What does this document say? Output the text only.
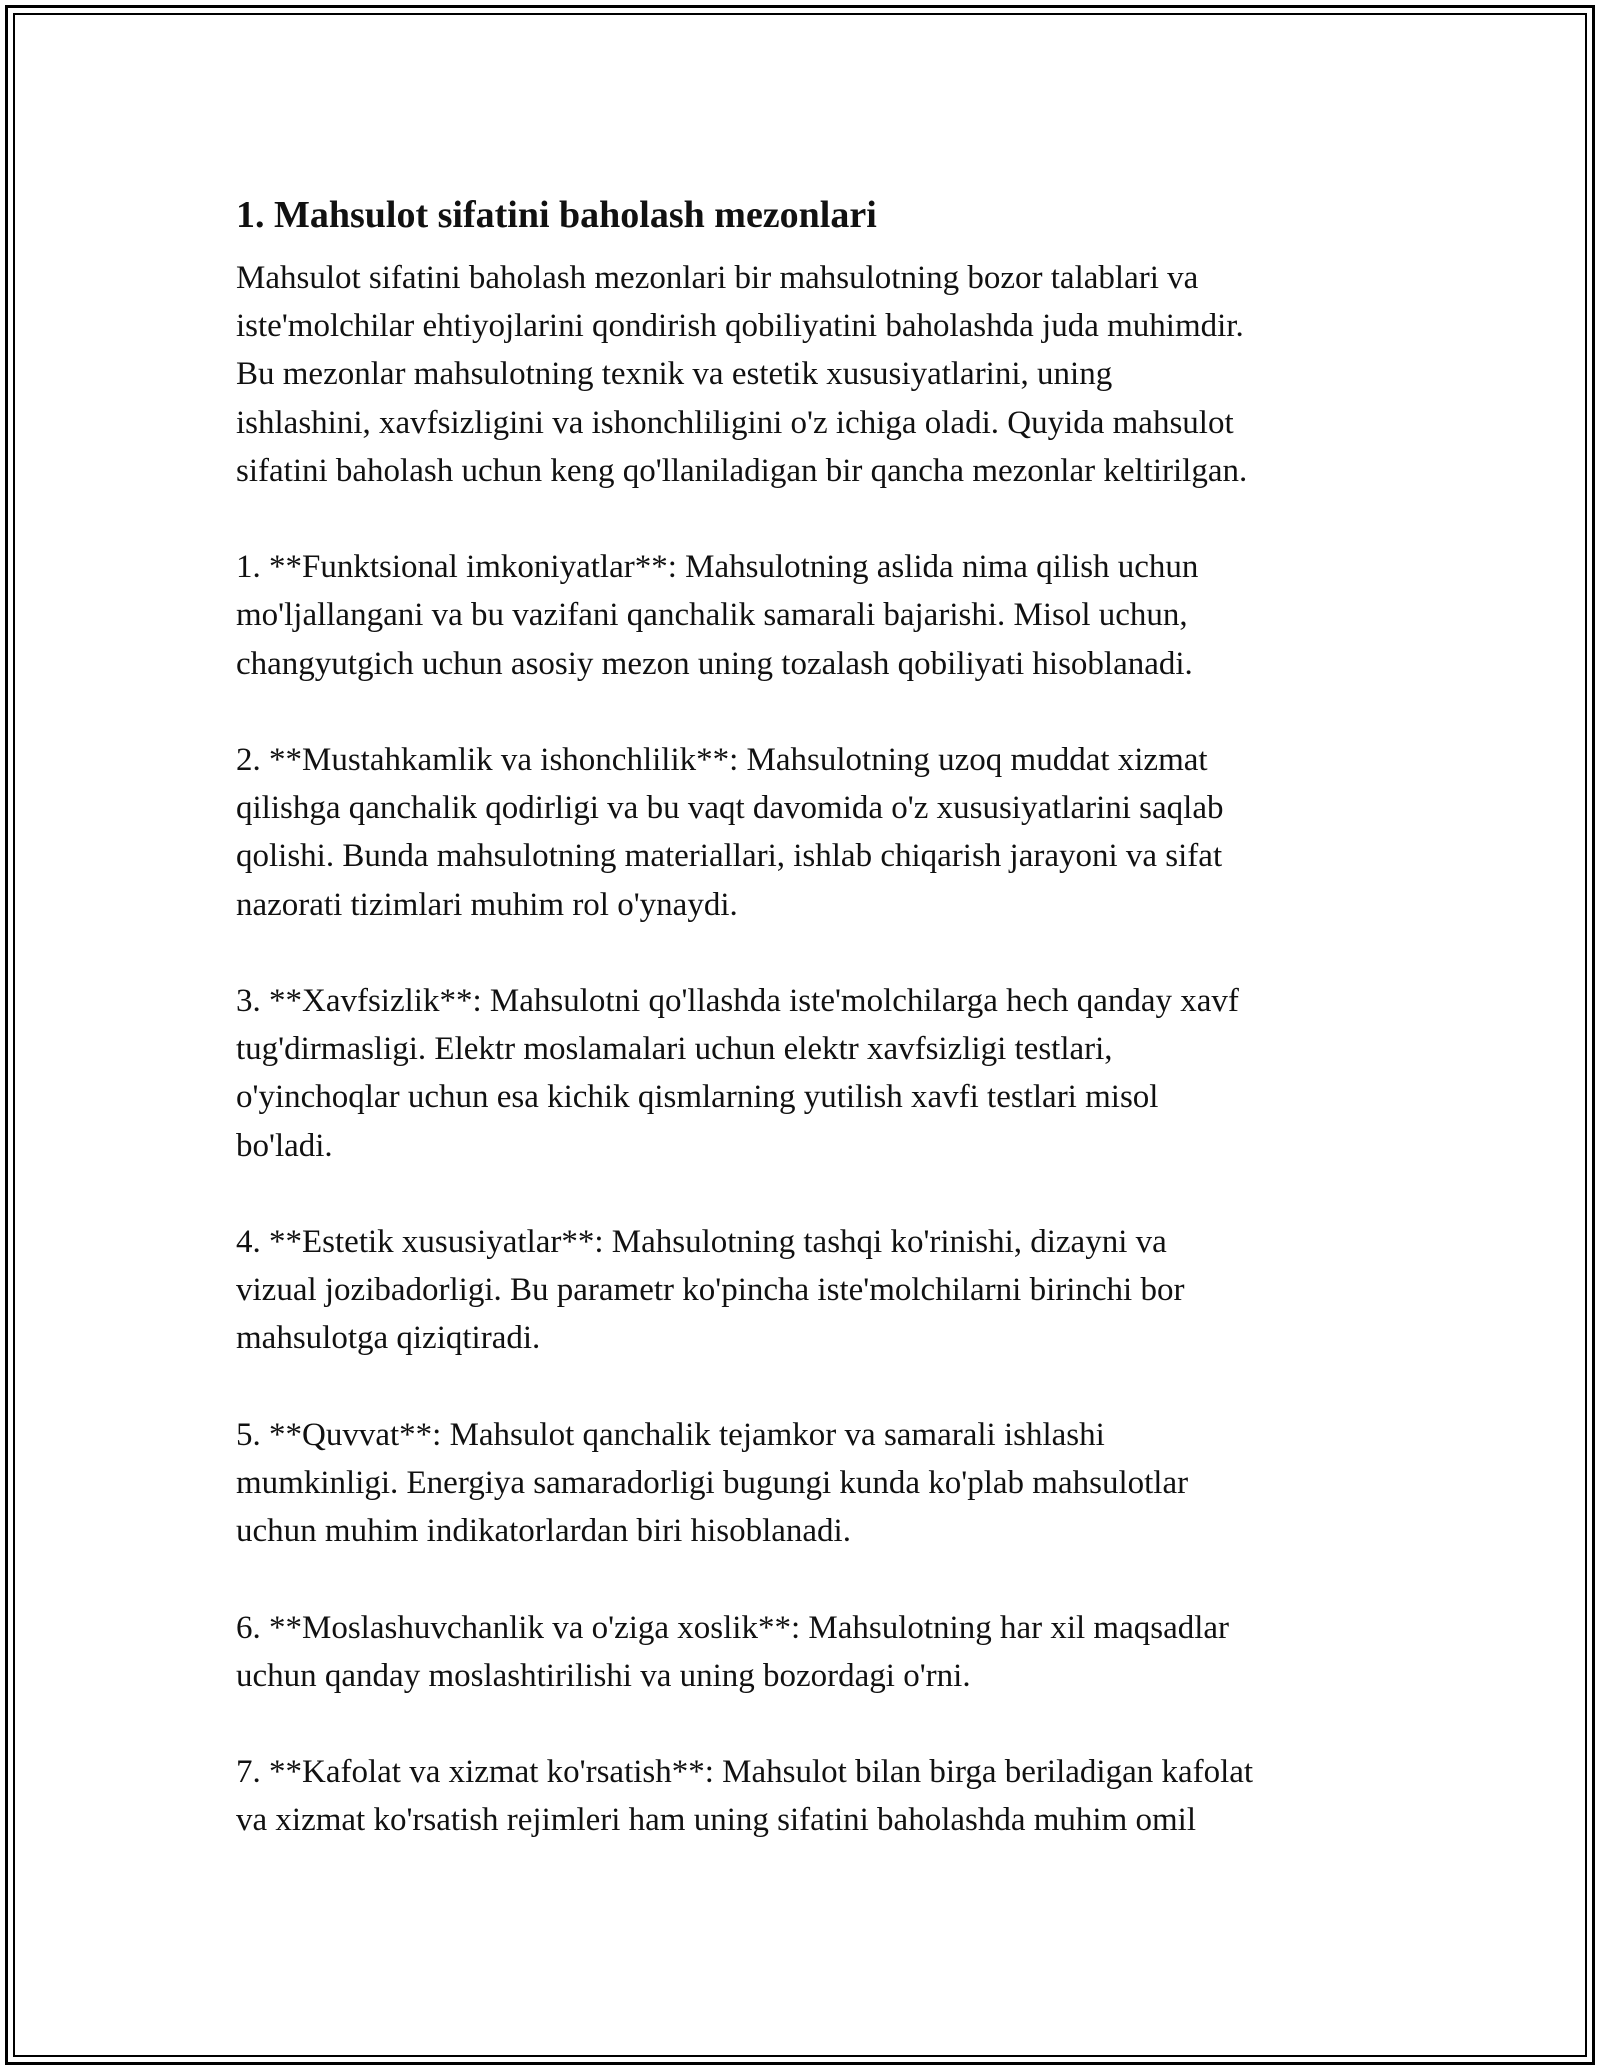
1. Mahsulot sifatini baholash mezonlari
Mahsulot sifatini baholash mezonlari bir mahsulotning bozor talablari va
iste'molchilar ehtiyojlarini qondirish qobiliyatini baholashda juda muhimdir.
Bu mezonlar mahsulotning texnik va estetik xususiyatlarini, uning
ishlashini, xavfsizligini va ishonchliligini o'z ichiga oladi. Quyida mahsulot
sifatini baholash uchun keng qo'llaniladigan bir qancha mezonlar keltirilgan.
1. **Funktsional imkoniyatlar**: Mahsulotning aslida nima qilish uchun
mo'ljallangani va bu vazifani qanchalik samarali bajarishi. Misol uchun,
changyutgich uchun asosiy mezon uning tozalash qobiliyati hisoblanadi.
2. **Mustahkamlik va ishonchlilik**: Mahsulotning uzoq muddat xizmat
qilishga qanchalik qodirligi va bu vaqt davomida o'z xususiyatlarini saqlab
qolishi. Bunda mahsulotning materiallari, ishlab chiqarish jarayoni va sifat
nazorati tizimlari muhim rol o'ynaydi.
3. **Xavfsizlik**: Mahsulotni qo'llashda iste'molchilarga hech qanday xavf
tug'dirmasligi. Elektr moslamalari uchun elektr xavfsizligi testlari,
o'yinchoqlar uchun esa kichik qismlarning yutilish xavfi testlari misol
bo'ladi.
4. **Estetik xususiyatlar**: Mahsulotning tashqi ko'rinishi, dizayni va
vizual jozibadorligi. Bu parametr ko'pincha iste'molchilarni birinchi bor
mahsulotga qiziqtiradi.
5. **Quvvat**: Mahsulot qanchalik tejamkor va samarali ishlashi
mumkinligi. Energiya samaradorligi bugungi kunda ko'plab mahsulotlar
uchun muhim indikatorlardan biri hisoblanadi.
6. **Moslashuvchanlik va o'ziga xoslik**: Mahsulotning har xil maqsadlar
uchun qanday moslashtirilishi va uning bozordagi o'rni.
7. **Kafolat va xizmat ko'rsatish**: Mahsulot bilan birga beriladigan kafolat
va xizmat ko'rsatish rejimleri ham uning sifatini baholashda muhim omil
